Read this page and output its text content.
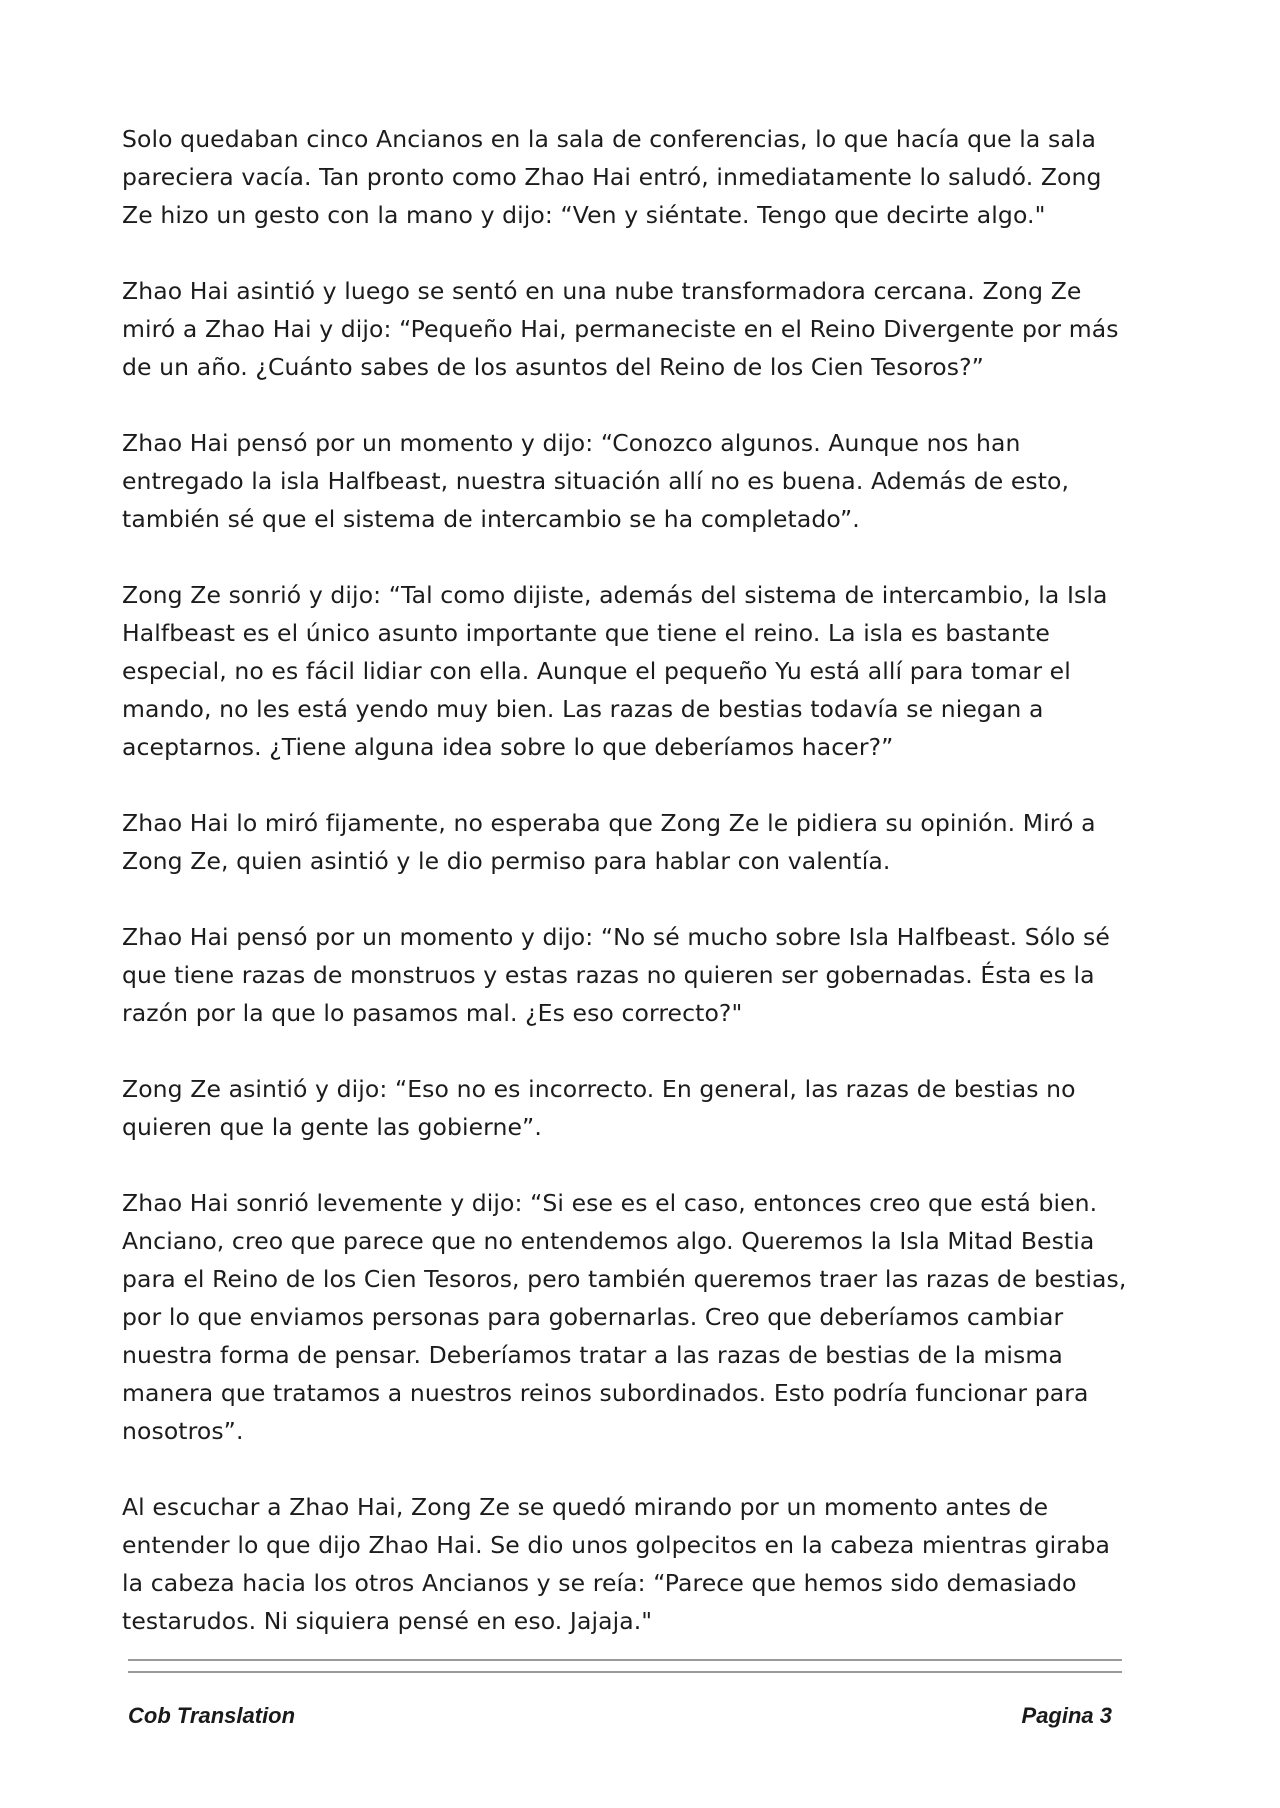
Solo quedaban cinco Ancianos en la sala de conferencias, lo que hacía que la sala pareciera vacía. Tan pronto como Zhao Hai entró, inmediatamente lo saludó. Zong Ze hizo un gesto con la mano y dijo: “Ven y siéntate. Tengo que decirte algo."

Zhao Hai asintió y luego se sentó en una nube transformadora cercana. Zong Ze miró a Zhao Hai y dijo: “Pequeño Hai, permaneciste en el Reino Divergente por más de un año. ¿Cuánto sabes de los asuntos del Reino de los Cien Tesoros?”

Zhao Hai pensó por un momento y dijo: “Conozco algunos. Aunque nos han entregado la isla Halfbeast, nuestra situación allí no es buena. Además de esto, también sé que el sistema de intercambio se ha completado”.

Zong Ze sonrió y dijo: “Tal como dijiste, además del sistema de intercambio, la Isla Halfbeast es el único asunto importante que tiene el reino. La isla es bastante especial, no es fácil lidiar con ella. Aunque el pequeño Yu está allí para tomar el mando, no les está yendo muy bien. Las razas de bestias todavía se niegan a aceptarnos. ¿Tiene alguna idea sobre lo que deberíamos hacer?”

Zhao Hai lo miró fijamente, no esperaba que Zong Ze le pidiera su opinión. Miró a Zong Ze, quien asintió y le dio permiso para hablar con valentía.

Zhao Hai pensó por un momento y dijo: “No sé mucho sobre Isla Halfbeast. Sólo sé que tiene razas de monstruos y estas razas no quieren ser gobernadas. Ésta es la razón por la que lo pasamos mal. ¿Es eso correcto?"

Zong Ze asintió y dijo: “Eso no es incorrecto. En general, las razas de bestias no quieren que la gente las gobierne”.

Zhao Hai sonrió levemente y dijo: “Si ese es el caso, entonces creo que está bien. Anciano, creo que parece que no entendemos algo. Queremos la Isla Mitad Bestia para el Reino de los Cien Tesoros, pero también queremos traer las razas de bestias, por lo que enviamos personas para gobernarlas. Creo que deberíamos cambiar nuestra forma de pensar. Deberíamos tratar a las razas de bestias de la misma manera que tratamos a nuestros reinos subordinados. Esto podría funcionar para nosotros”.

Al escuchar a Zhao Hai, Zong Ze se quedó mirando por un momento antes de entender lo que dijo Zhao Hai. Se dio unos golpecitos en la cabeza mientras giraba la cabeza hacia los otros Ancianos y se reía: “Parece que hemos sido demasiado testarudos. Ni siquiera pensé en eso. Jajaja."

Cob Translation	Pagina 3
